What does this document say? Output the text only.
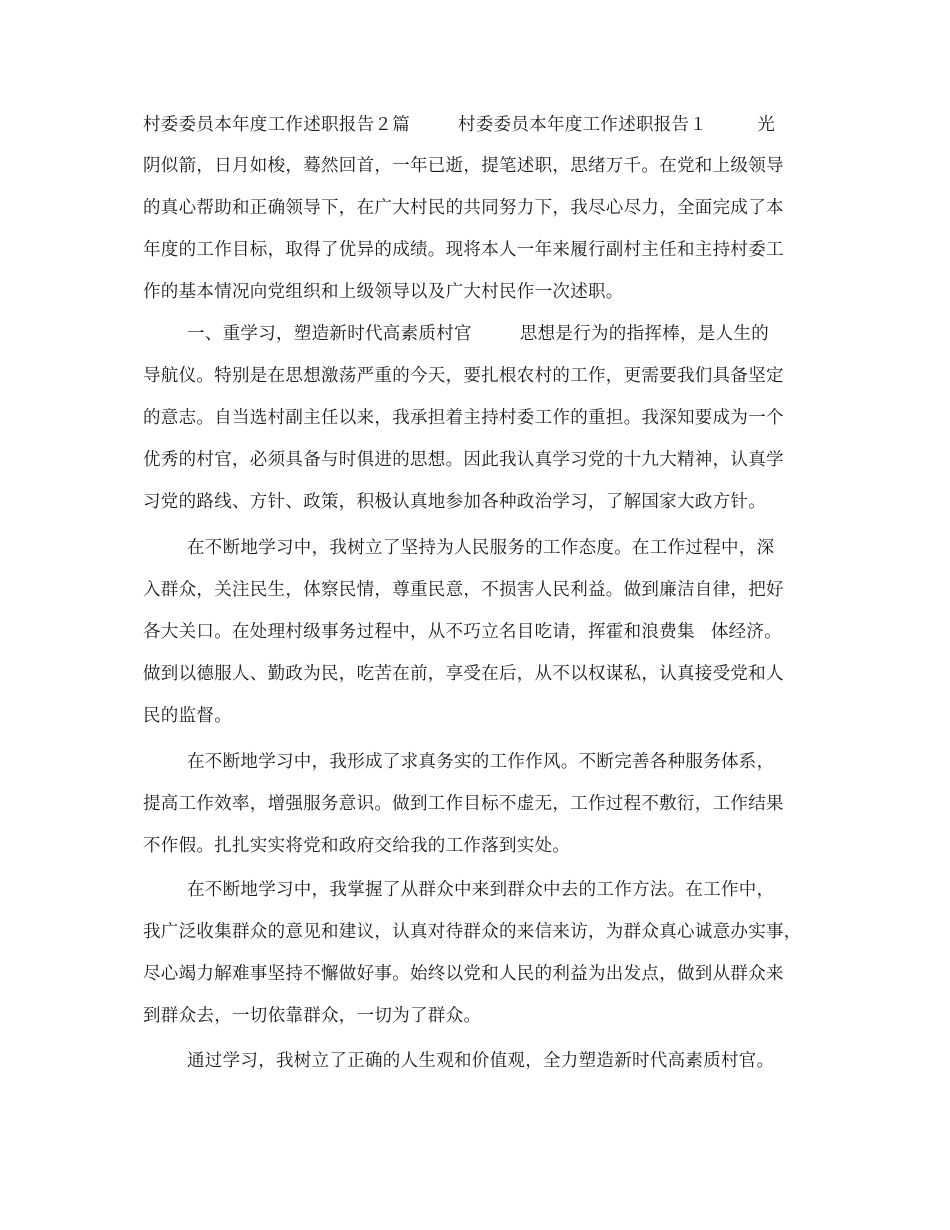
村委委员本年度工作述职报告２篇	村委委员本年度工作述职报告１	光
阴似箭，日月如梭，蓦然回首，一年已逝，提笔述职，思绪万千。在党和上级领导
的真心帮助和正确领导下，在广大村民的共同努力下，我尽心尽力，全面完成了本
年度的工作目标，取得了优异的成绩。现将本人一年来履行副村主任和主持村委工
作的基本情况向党组织和上级领导以及广大村民作一次述职。
一、重学习，塑造新时代高素质村官	思想是行为的指挥棒，是人生的
导航仪。特别是在思想激荡严重的今天，要扎根农村的工作，更需要我们具备坚定
的意志。自当选村副主任以来，我承担着主持村委工作的重担。我深知要成为一个
优秀的村官，必须具备与时俱进的思想。因此我认真学习党的十九大精神，认真学
习党的路线、方针、政策，积极认真地参加各种政治学习，了解国家大政方针。
在不断地学习中，我树立了坚持为人民服务的工作态度。在工作过程中，深
入群众，关注民生，体察民情，尊重民意，不损害人民利益。做到廉洁自律，把好
各大关口。在处理村级事务过程中，从不巧立名目吃请，挥霍和浪费集 体经济。
做到以德服人、勤政为民，吃苦在前，享受在后，从不以权谋私，认真接受党和人
民的监督。
在不断地学习中，我形成了求真务实的工作作风。不断完善各种服务体系，
提高工作效率，增强服务意识。做到工作目标不虚无，工作过程不敷衍，工作结果
不作假。扎扎实实将党和政府交给我的工作落到实处。
在不断地学习中，我掌握了从群众中来到群众中去的工作方法。在工作中，
我广泛收集群众的意见和建议，认真对待群众的来信来访，为群众真心诚意办实事，
尽心竭力解难事坚持不懈做好事。始终以党和人民的利益为出发点，做到从群众来
到群众去，一切依靠群众，一切为了群众。
通过学习，我树立了正确的人生观和价值观，全力塑造新时代高素质村官。
